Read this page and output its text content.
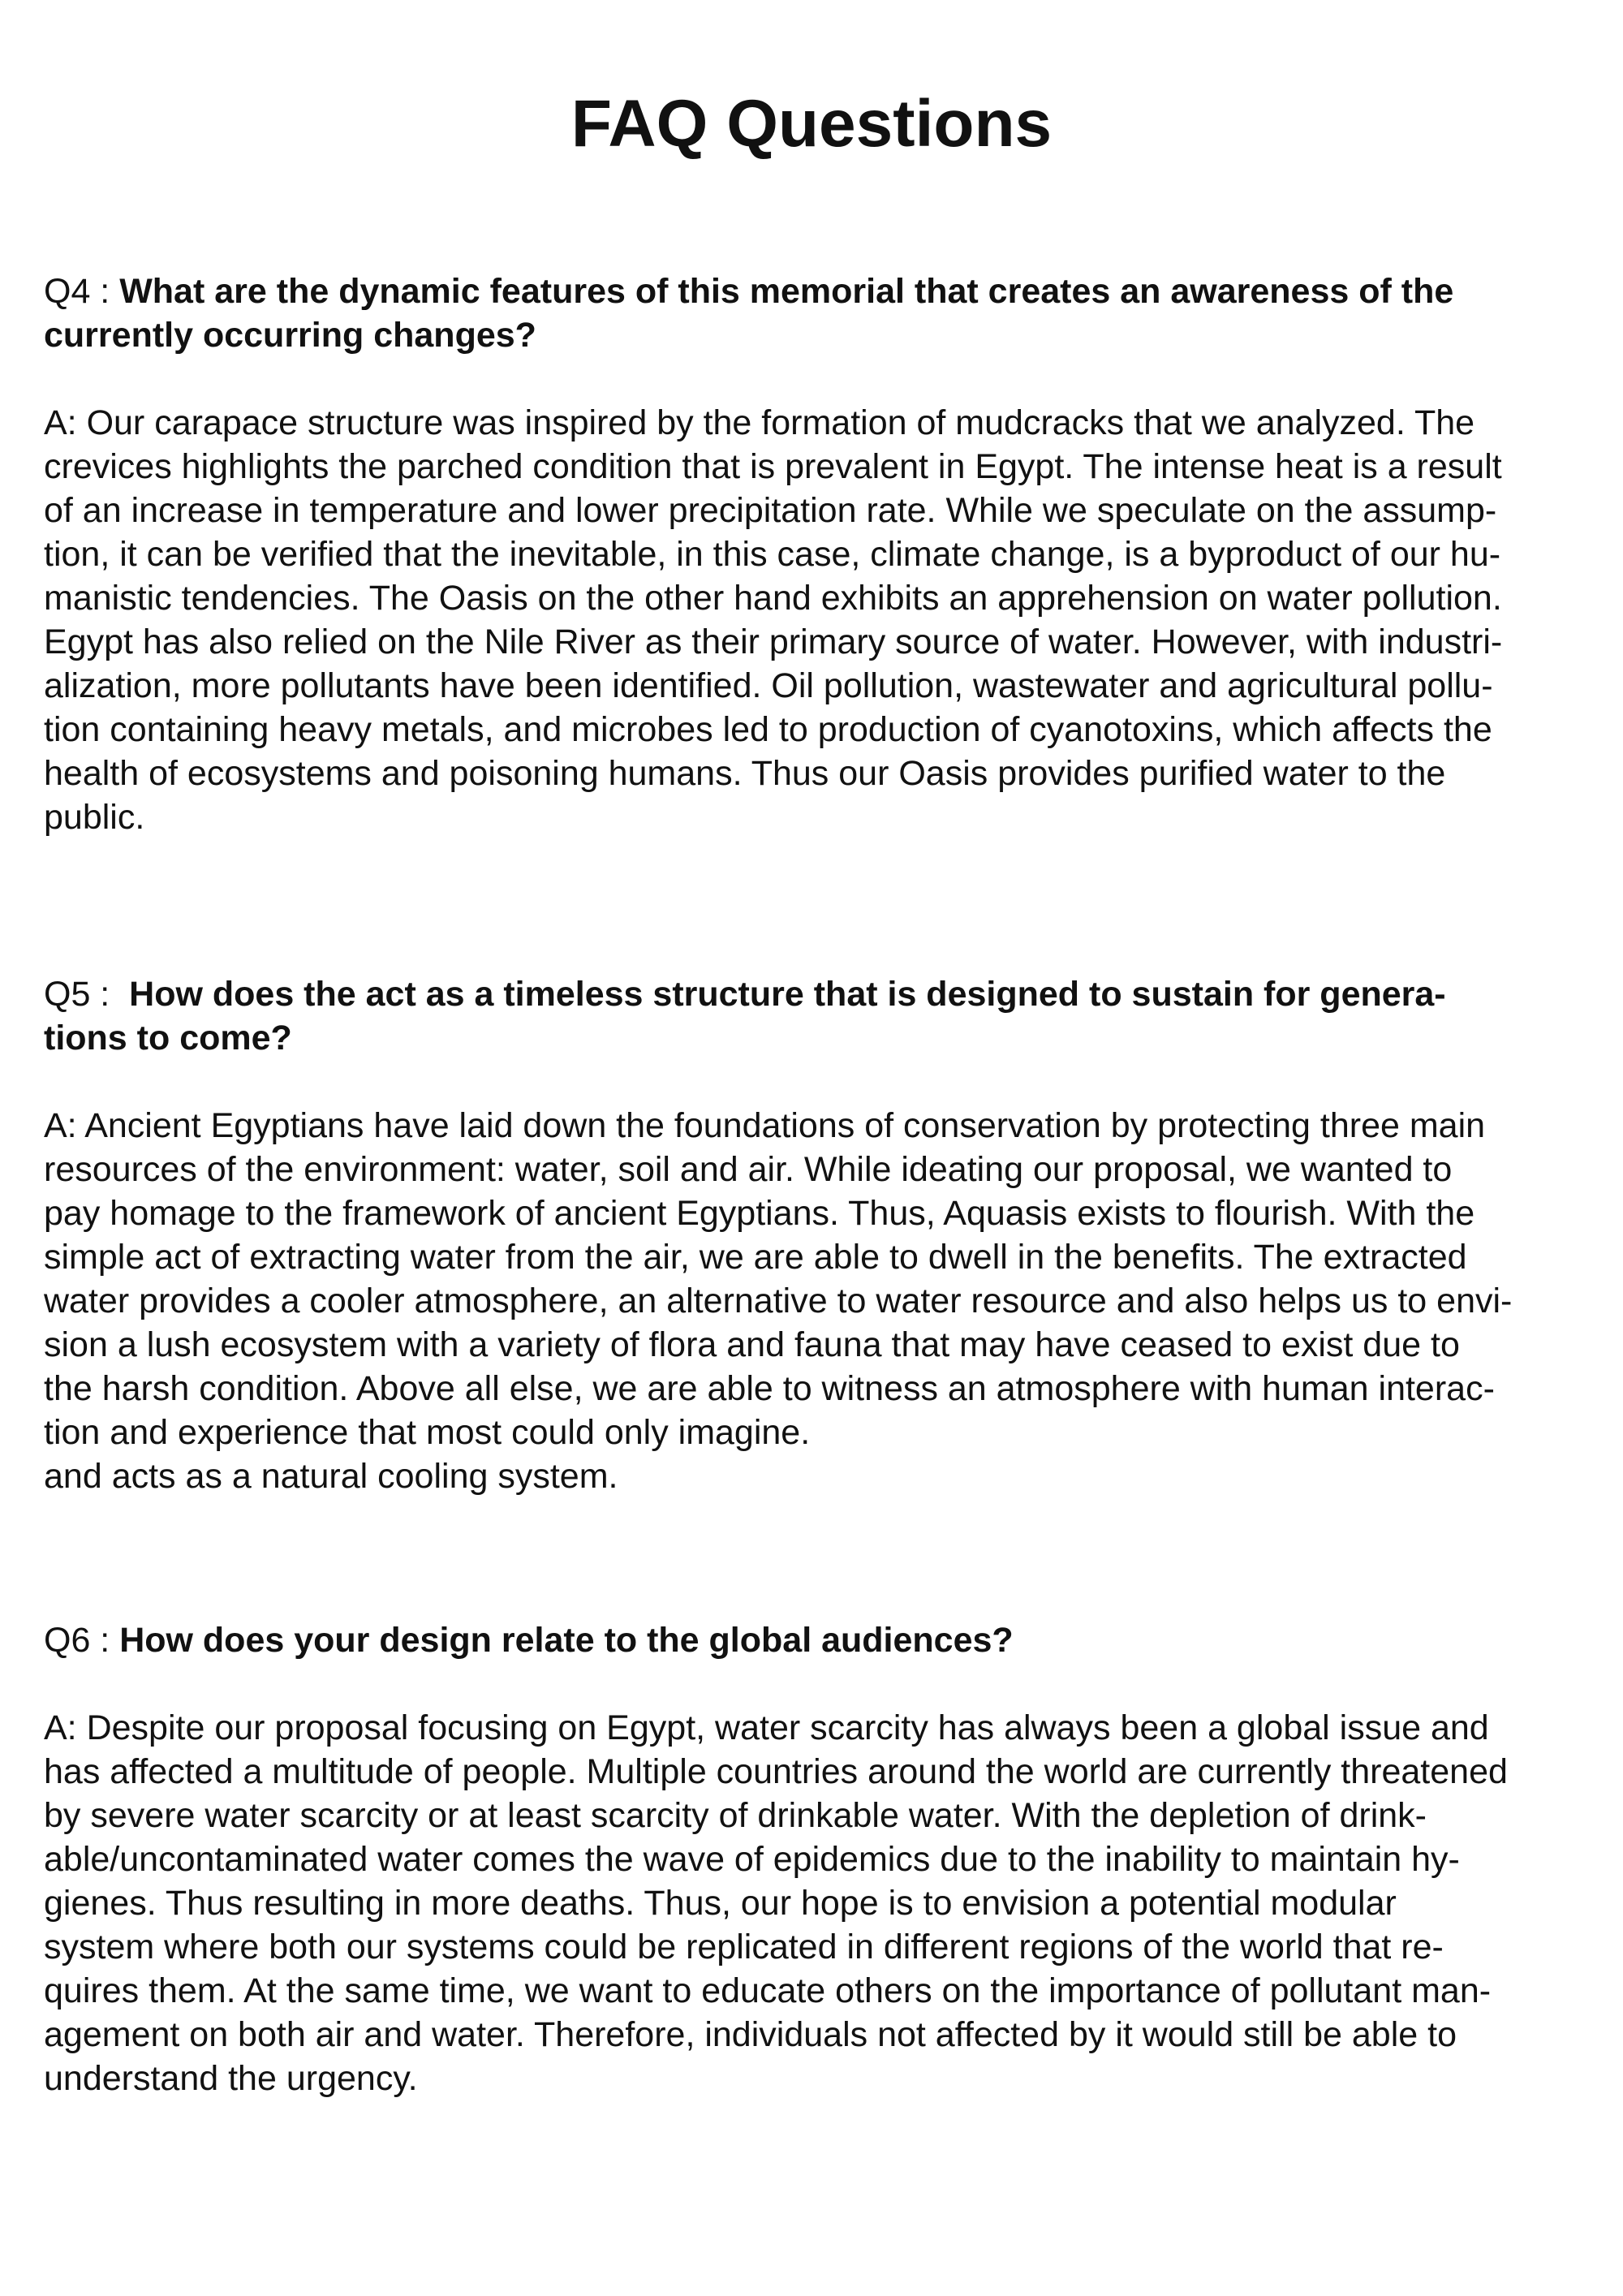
FAQ Questions

Q4 : What are the dynamic features of this memorial that creates an awareness of the
currently occurring changes?

A: Our carapace structure was inspired by the formation of mudcracks that we analyzed. The
crevices highlights the parched condition that is prevalent in Egypt. The intense heat is a result
of an increase in temperature and lower precipitation rate. While we speculate on the assump-
tion, it can be verified that the inevitable, in this case, climate change, is a byproduct of our hu-
manistic tendencies. The Oasis on the other hand exhibits an apprehension on water pollution.
Egypt has also relied on the Nile River as their primary source of water. However, with industri-
alization, more pollutants have been identified. Oil pollution, wastewater and agricultural pollu-
tion containing heavy metals, and microbes led to production of cyanotoxins, which affects the
health of ecosystems and poisoning humans. Thus our Oasis provides purified water to the
public.

Q5 :  How does the act as a timeless structure that is designed to sustain for genera-
tions to come?

A: Ancient Egyptians have laid down the foundations of conservation by protecting three main
resources of the environment: water, soil and air. While ideating our proposal, we wanted to
pay homage to the framework of ancient Egyptians. Thus, Aquasis exists to flourish. With the
simple act of extracting water from the air, we are able to dwell in the benefits. The extracted
water provides a cooler atmosphere, an alternative to water resource and also helps us to envi-
sion a lush ecosystem with a variety of flora and fauna that may have ceased to exist due to
the harsh condition. Above all else, we are able to witness an atmosphere with human interac-
tion and experience that most could only imagine.
and acts as a natural cooling system.

Q6 : How does your design relate to the global audiences?

A: Despite our proposal focusing on Egypt, water scarcity has always been a global issue and
has affected a multitude of people. Multiple countries around the world are currently threatened
by severe water scarcity or at least scarcity of drinkable water. With the depletion of drink-
able/uncontaminated water comes the wave of epidemics due to the inability to maintain hy-
gienes. Thus resulting in more deaths. Thus, our hope is to envision a potential modular
system where both our systems could be replicated in different regions of the world that re-
quires them. At the same time, we want to educate others on the importance of pollutant man-
agement on both air and water. Therefore, individuals not affected by it would still be able to
understand the urgency.
